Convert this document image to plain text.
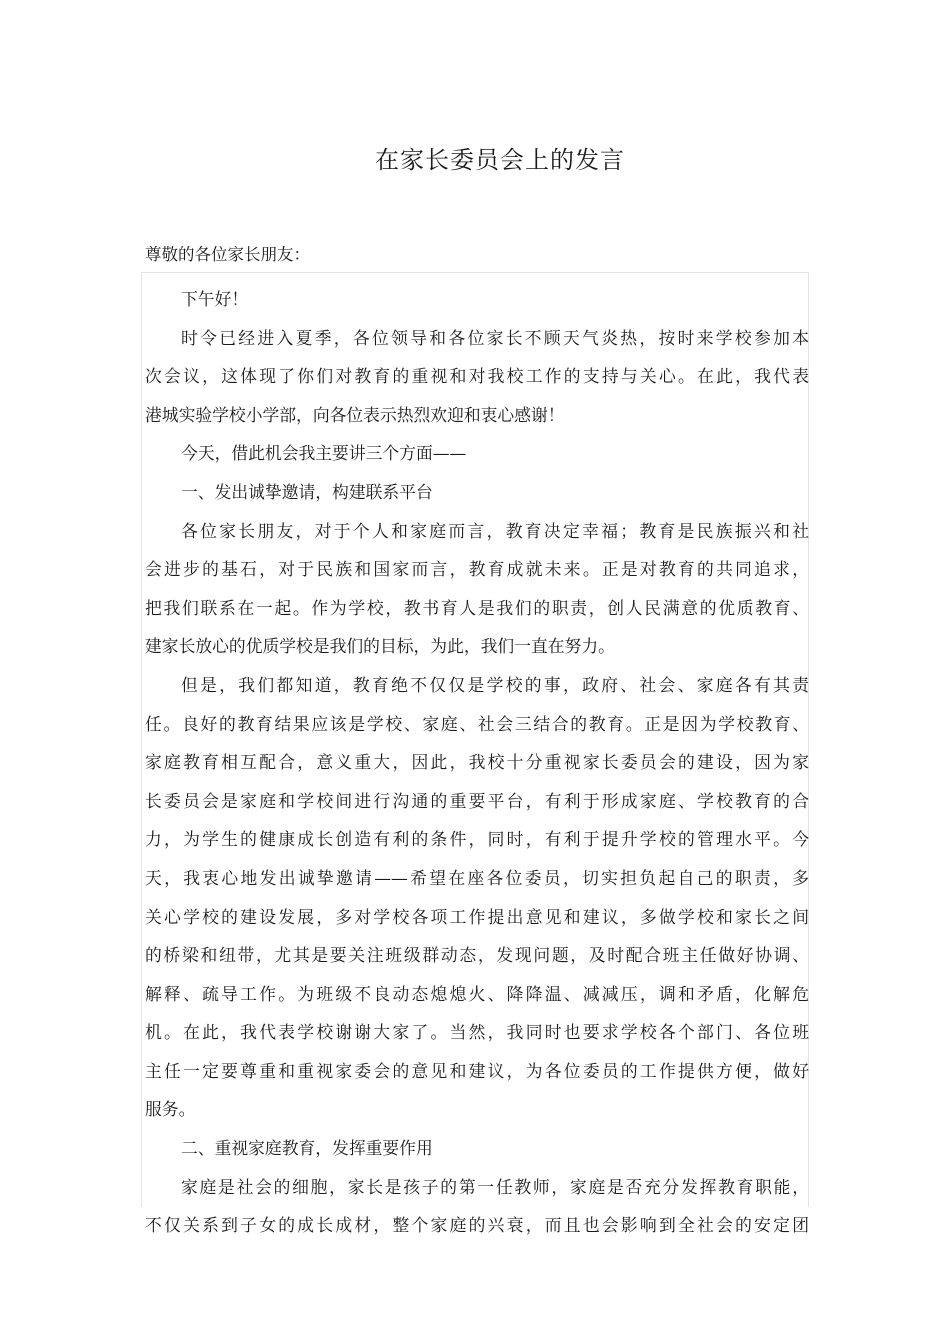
在家长委员会上的发言
尊敬的各位家长朋友：
下午好！
时令已经进入夏季，各位领导和各位家长不顾天气炎热，按时来学校参加本
次会议，这体现了你们对教育的重视和对我校工作的支持与关心。在此，我代表
港城实验学校小学部，向各位表示热烈欢迎和衷心感谢！
今天，借此机会我主要讲三个方面——
一、发出诚挚邀请，构建联系平台
各位家长朋友，对于个人和家庭而言，教育决定幸福；教育是民族振兴和社
会进步的基石，对于民族和国家而言，教育成就未来。正是对教育的共同追求，
把我们联系在一起。作为学校，教书育人是我们的职责，创人民满意的优质教育、
建家长放心的优质学校是我们的目标，为此，我们一直在努力。
但是，我们都知道，教育绝不仅仅是学校的事，政府、社会、家庭各有其责
任。良好的教育结果应该是学校、家庭、社会三结合的教育。正是因为学校教育、
家庭教育相互配合，意义重大，因此，我校十分重视家长委员会的建设，因为家
长委员会是家庭和学校间进行沟通的重要平台，有利于形成家庭、学校教育的合
力，为学生的健康成长创造有利的条件，同时，有利于提升学校的管理水平。今
天，我衷心地发出诚挚邀请——希望在座各位委员，切实担负起自己的职责，多
关心学校的建设发展，多对学校各项工作提出意见和建议，多做学校和家长之间
的桥梁和纽带，尤其是要关注班级群动态，发现问题，及时配合班主任做好协调、
解释、疏导工作。为班级不良动态熄熄火、降降温、减减压，调和矛盾，化解危
机。在此，我代表学校谢谢大家了。当然，我同时也要求学校各个部门、各位班
主任一定要尊重和重视家委会的意见和建议，为各位委员的工作提供方便，做好
服务。
二、重视家庭教育，发挥重要作用
家庭是社会的细胞，家长是孩子的第一任教师，家庭是否充分发挥教育职能，
不仅关系到子女的成长成材，整个家庭的兴衰，而且也会影响到全社会的安定团
